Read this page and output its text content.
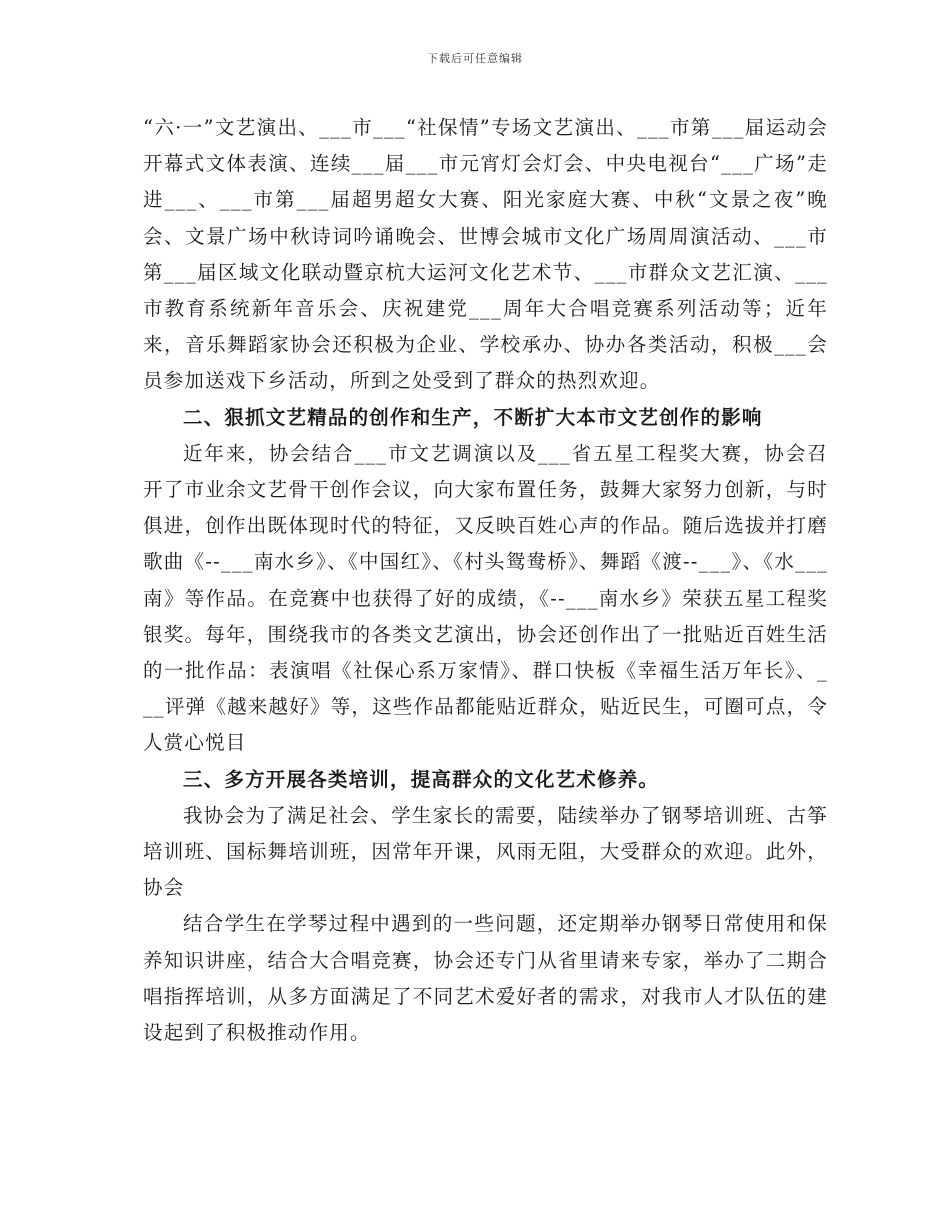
下载后可任意编辑

“六·一”文艺演出、___市___“社保情”专场文艺演出、___市第___届运动会开幕式文体表演、连续___届___市元宵灯会灯会、中央电视台“___广场”走进___、___市第___届超男超女大赛、阳光家庭大赛、中秋“文景之夜”晚会、文景广场中秋诗词吟诵晚会、世博会城市文化广场周周演活动、___市第___届区域文化联动暨京杭大运河文化艺术节、___市群众文艺汇演、___市教育系统新年音乐会、庆祝建党___周年大合唱竞赛系列活动等；近年来，音乐舞蹈家协会还积极为企业、学校承办、协办各类活动，积极___会员参加送戏下乡活动，所到之处受到了群众的热烈欢迎。

二、狠抓文艺精品的创作和生产，不断扩大本市文艺创作的影响

近年来，协会结合___市文艺调演以及___省五星工程奖大赛，协会召开了市业余文艺骨干创作会议，向大家布置任务，鼓舞大家努力创新，与时俱进，创作出既体现时代的特征，又反映百姓心声的作品。随后选拔并打磨歌曲《--___南水乡》、《中国红》、《村头鸳鸯桥》、舞蹈《渡--___》、《水___南》等作品。在竞赛中也获得了好的成绩，《--___南水乡》荣获五星工程奖银奖。每年，围绕我市的各类文艺演出，协会还创作出了一批贴近百姓生活的一批作品：表演唱《社保心系万家情》、群口快板《幸福生活万年长》、___评弹《越来越好》等，这些作品都能贴近群众，贴近民生，可圈可点，令人赏心悦目

三、多方开展各类培训，提高群众的文化艺术修养。

我协会为了满足社会、学生家长的需要，陆续举办了钢琴培训班、古筝培训班、国标舞培训班，因常年开课，风雨无阻，大受群众的欢迎。此外，协会

结合学生在学琴过程中遇到的一些问题，还定期举办钢琴日常使用和保养知识讲座，结合大合唱竞赛，协会还专门从省里请来专家，举办了二期合唱指挥培训，从多方面满足了不同艺术爱好者的需求，对我市人才队伍的建设起到了积极推动作用。
